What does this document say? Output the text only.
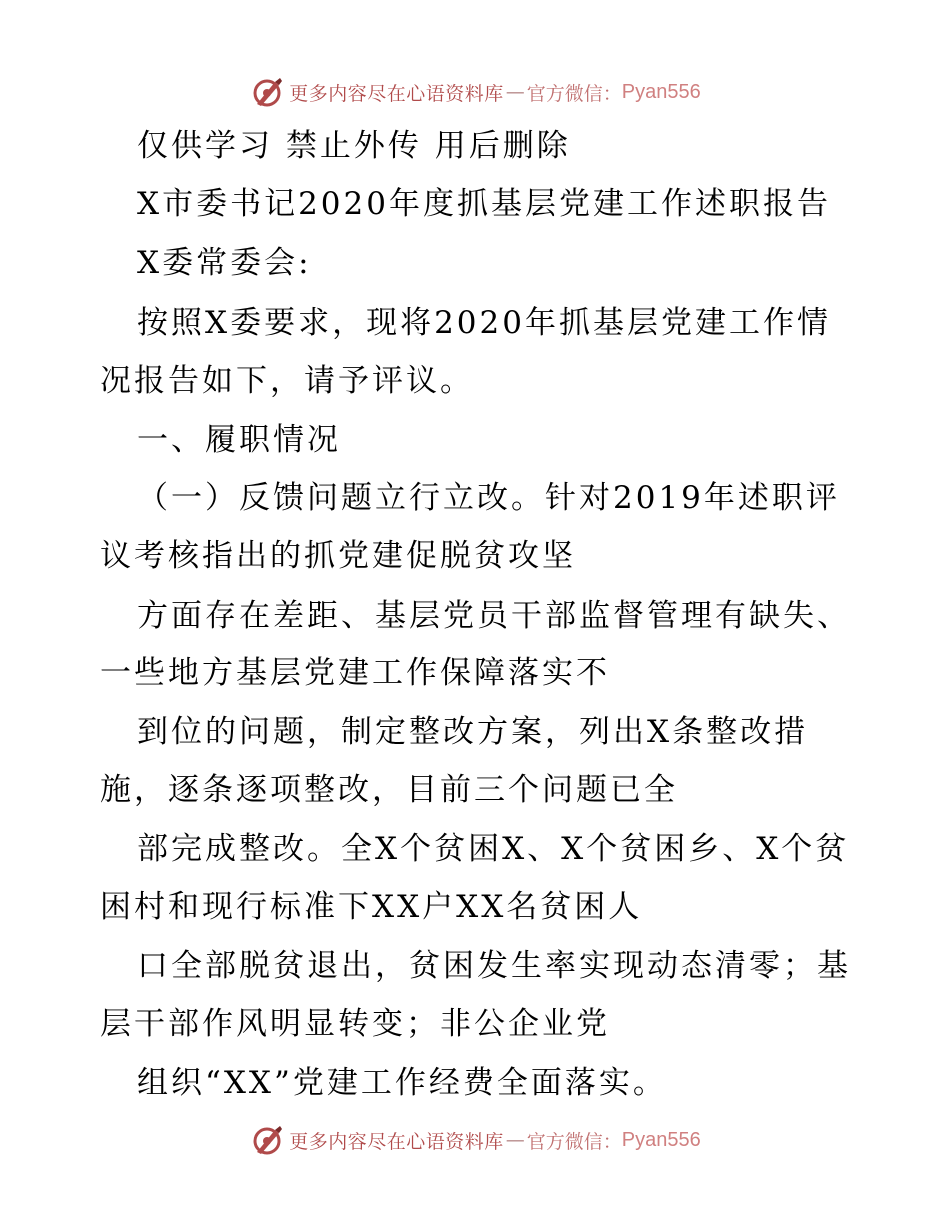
更多内容尽在心语资料库 — 官方微信： Pyan556
仅供学习 禁止外传 用后删除
X市委书记2020年度抓基层党建工作述职报告
X委常委会:
按照X委要求，现将2020年抓基层党建工作情
况报告如下，请予评议。
一、履职情况
（一）反馈问题立行立改。针对2019年述职评
议考核指出的抓党建促脱贫攻坚
方面存在差距、基层党员干部监督管理有缺失、
一些地方基层党建工作保障落实不
到位的问题，制定整改方案，列出X条整改措
施，逐条逐项整改，目前三个问题已全
部完成整改。全X个贫困X、X个贫困乡、X个贫
困村和现行标准下XX户XX名贫困人
口全部脱贫退出，贫困发生率实现动态清零；基
层干部作风明显转变；非公企业党
组织“XX”党建工作经费全面落实。
更多内容尽在心语资料库 — 官方微信： Pyan556
